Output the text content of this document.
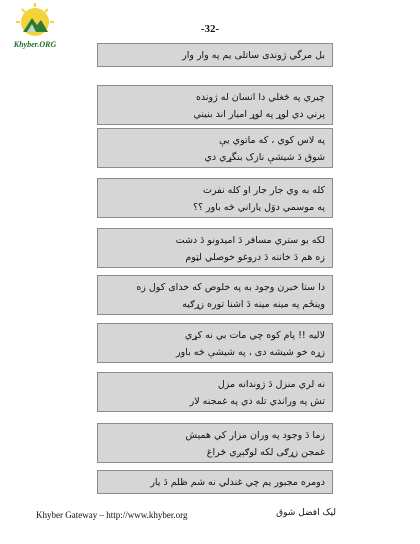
Khyber.ORG
-32-
بل مرگي ژوندى ساتلى يم په وار وار
چيري په څغلي دا انسان له ژونده
پرني دي لوړ په لوړ اميار اند بنيني
په لاس کوي ، که ماتوي يې
شوق دَ شيشې نازک بنگړي دي
کله به وي جار جار او کله نفرت
په موسمي دوَل ياراني څه باور ؟؟
لکه يو ستري مسافر دَ اميدونو دَ دشت
زه هم دَ خاننه دَ دروغو خوصلي لټوم
دا ستا خبرن وجود به په خلوص که خداى کول زه
وينځم په مينه مينه دَ اشنا توره زړګيه
لاليه !! پام کوه چي مات بي نه کړي
زړه خو شيشه دی ، په شيشې څه باور
نه لري منزل دَ ژوندانه مزل
تش په وراندي تله دي په غمجنه لار
زما دَ وجود په وران مزار کي همېش
غمجن زړګی لکه لوګېږي څراغ
دومره مجبور يم چي غندلي نه شم ظلم دَ يار
Khyber Gateway – http://www.khyber.org	ليک افضل شوق
